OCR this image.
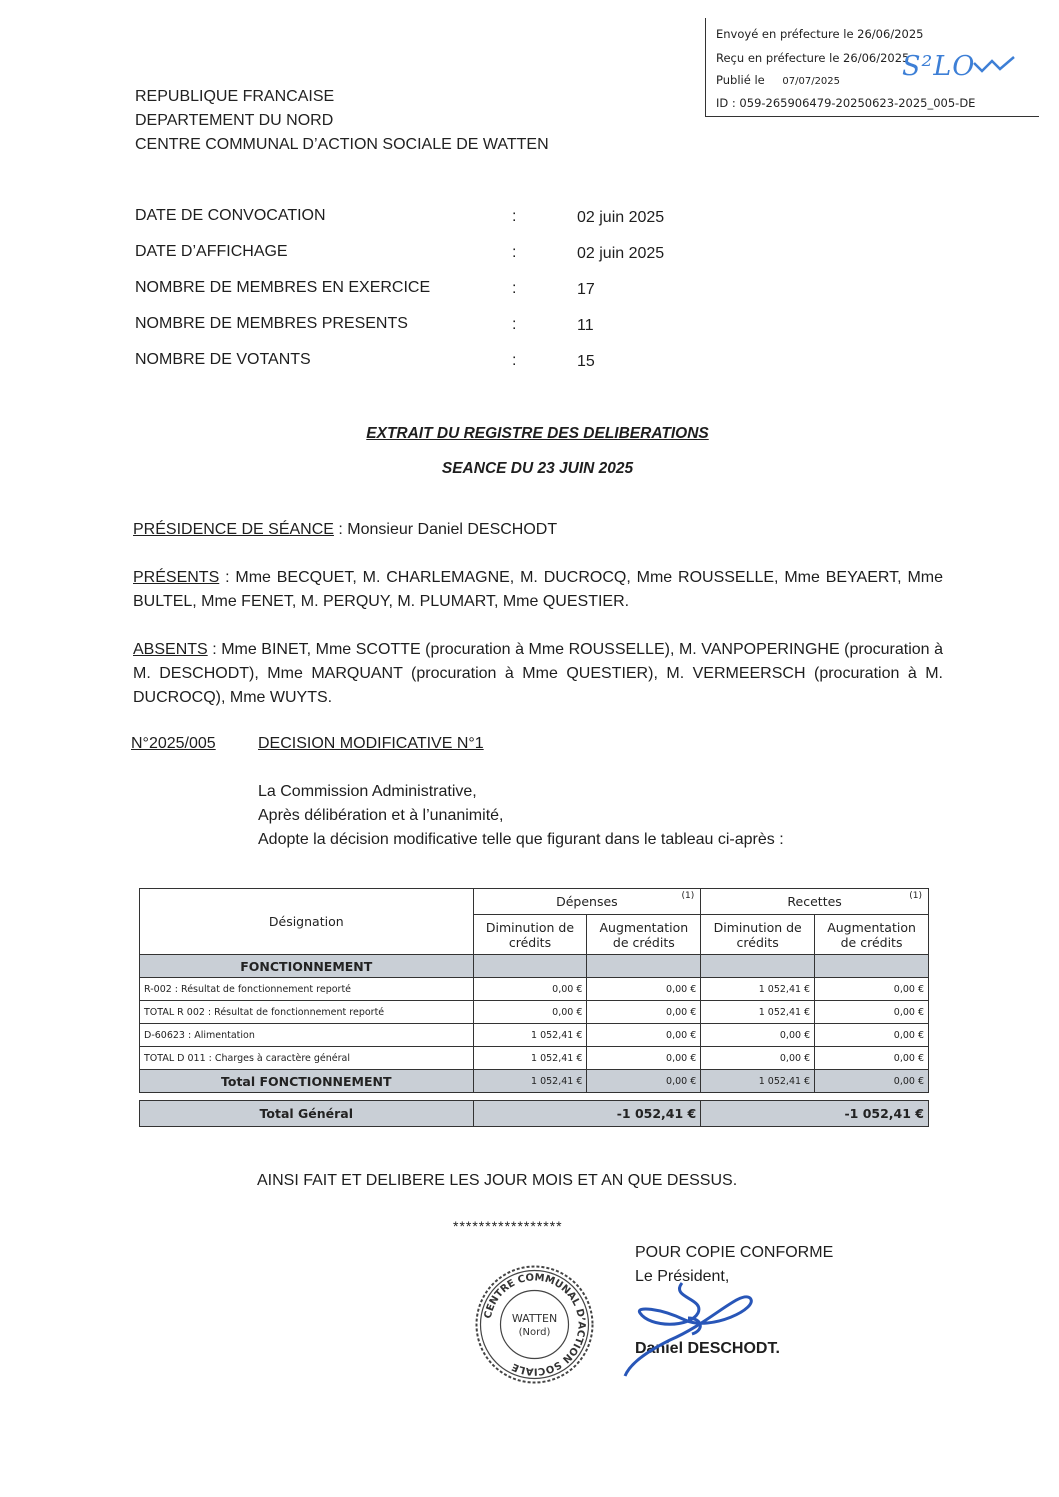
Envoyé en préfecture le 26/06/2025
Reçu en préfecture le 26/06/2025
Publié le 07/07/2025
ID : 059-265906479-20250623-2025_005-DE
S²LO
REPUBLIQUE FRANCAISE
DEPARTEMENT DU NORD
CENTRE COMMUNAL D’ACTION SOCIALE DE WATTEN
DATE DE CONVOCATION	:	02 juin 2025
DATE D’AFFICHAGE	:	02 juin 2025
NOMBRE DE MEMBRES EN EXERCICE	:	17
NOMBRE DE MEMBRES PRESENTS	:	11
NOMBRE DE VOTANTS	:	15
EXTRAIT DU REGISTRE DES DELIBERATIONS
SEANCE DU 23 JUIN 2025
PRÉSIDENCE DE SÉANCE : Monsieur Daniel DESCHODT
PRÉSENTS : Mme BECQUET, M. CHARLEMAGNE, M. DUCROCQ, Mme ROUSSELLE, Mme BEYAERT, Mme BULTEL, Mme FENET, M. PERQUY, M. PLUMART, Mme QUESTIER.
ABSENTS : Mme BINET, Mme SCOTTE (procuration à Mme ROUSSELLE), M. VANPOPERINGHE (procuration à M. DESCHODT), Mme MARQUANT (procuration à Mme QUESTIER), M. VERMEERSCH (procuration à M. DUCROCQ), Mme WUYTS.
N°2025/005	DECISION MODIFICATIVE N°1
La Commission Administrative,
Après délibération et à l’unanimité,
Adopte la décision modificative telle que figurant dans le tableau ci-après :
Désignation	Dépenses (1)		Recettes (1)	

	Diminution de crédits	Augmentation de crédits	Diminution de crédits	Augmentation de crédits
FONCTIONNEMENT				
R-002 : Résultat de fonctionnement reporté	0,00 €	0,00 €	1 052,41 €	0,00 €
TOTAL R 002 : Résultat de fonctionnement reporté	0,00 €	0,00 €	1 052,41 €	0,00 €
D-60623 : Alimentation	1 052,41 €	0,00 €	0,00 €	0,00 €
TOTAL D 011 : Charges à caractère général	1 052,41 €	0,00 €	0,00 €	0,00 €
Total FONCTIONNEMENT	1 052,41 €	0,00 €	1 052,41 €	0,00 €

Total Général	-1 052,41 €		-1 052,41 €	
AINSI FAIT ET DELIBERE LES JOUR MOIS ET AN QUE DESSUS.
*****************
POUR COPIE CONFORME
Le Président,
Daniel DESCHODT.
CENTRE COMMUNAL D’ACTION SOCIALE
WATTEN
(Nord)
